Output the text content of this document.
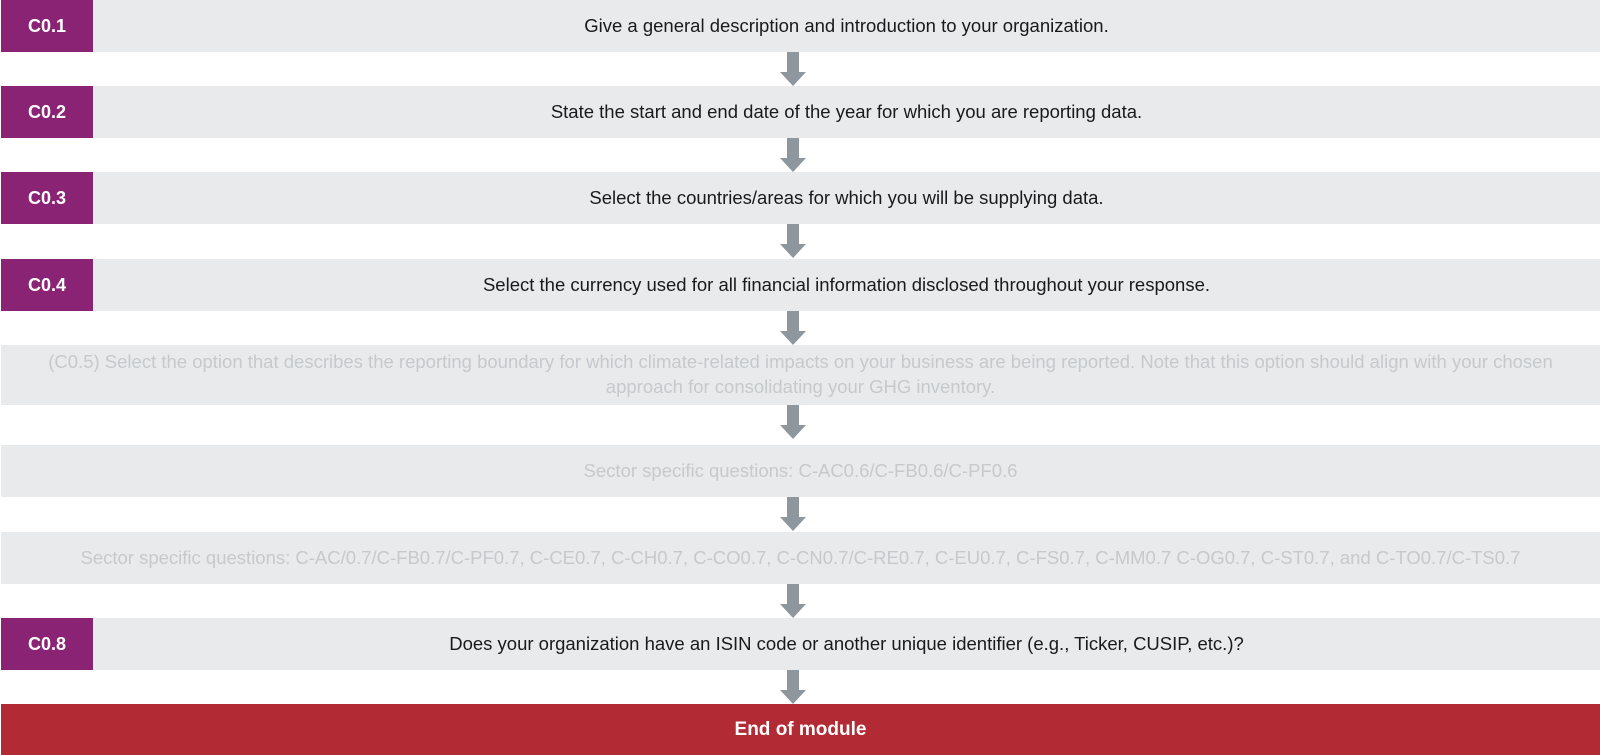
C0.1	Give a general description and introduction to your organization.
C0.2	State the start and end date of the year for which you are reporting data.
C0.3	Select the countries/areas for which you will be supplying data.
C0.4	Select the currency used for all financial information disclosed throughout your response.
(C0.5) Select the option that describes the reporting boundary for which climate-related impacts on your business are being reported. Note that this option should align with your chosen approach for consolidating your GHG inventory.
Sector specific questions: C-AC0.6/C-FB0.6/C-PF0.6
Sector specific questions: C-AC/0.7/C-FB0.7/C-PF0.7, C-CE0.7, C-CH0.7, C-CO0.7, C-CN0.7/C-RE0.7, C-EU0.7, C-FS0.7, C-MM0.7 C-OG0.7, C-ST0.7, and C-TO0.7/C-TS0.7
C0.8	Does your organization have an ISIN code or another unique identifier (e.g., Ticker, CUSIP, etc.)?
End of module
